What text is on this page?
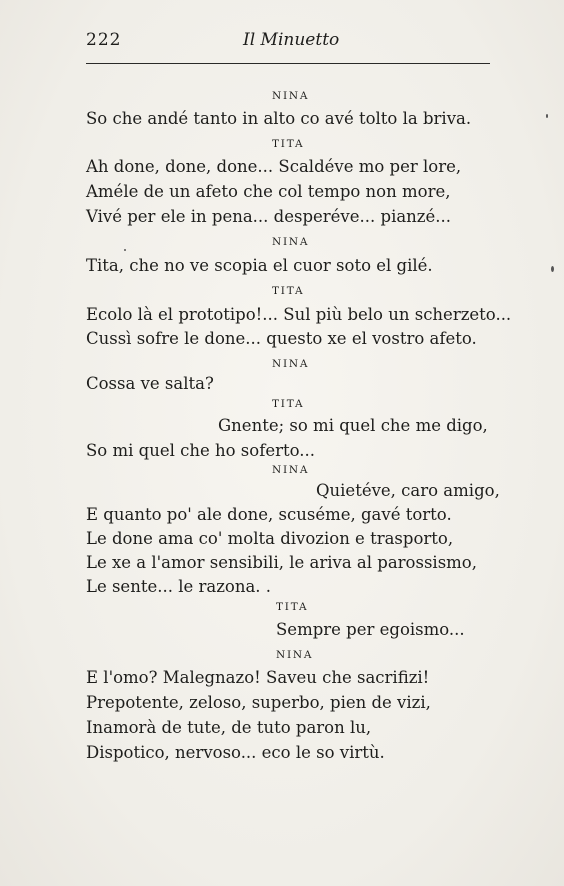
222	Il Minuetto
NINA
So che andé tanto in alto co avé tolto la briva.
TITA
Ah done, done, done... Scaldéve mo per lore,
Améle de un afeto che col tempo non more,
Vivé per ele in pena... desperéve... pianzé...
NINA
Tita, che no ve scopia el cuor soto el gilé.
TITA
Ecolo là el prototipo!... Sul più belo un scherzeto...
Cussì sofre le done... questo xe el vostro afeto.
NINA
Cossa ve salta?
TITA
Gnente; so mi quel che me digo,
So mi quel che ho soferto...
NINA
Quietéve, caro amigo,
E quanto po' ale done, scuséme, gavé torto.
Le done ama co' molta divozion e trasporto,
Le xe a l'amor sensibili, le ariva al parossismo,
Le sente... le razona. .
TITA
Sempre per egoismo...
NINA
E l'omo? Malegnazo! Saveu che sacrifizi!
Prepotente, zeloso, superbo, pien de vizi,
Inamorà de tute, de tuto paron lu,
Dispotico, nervoso... eco le so virtù.
